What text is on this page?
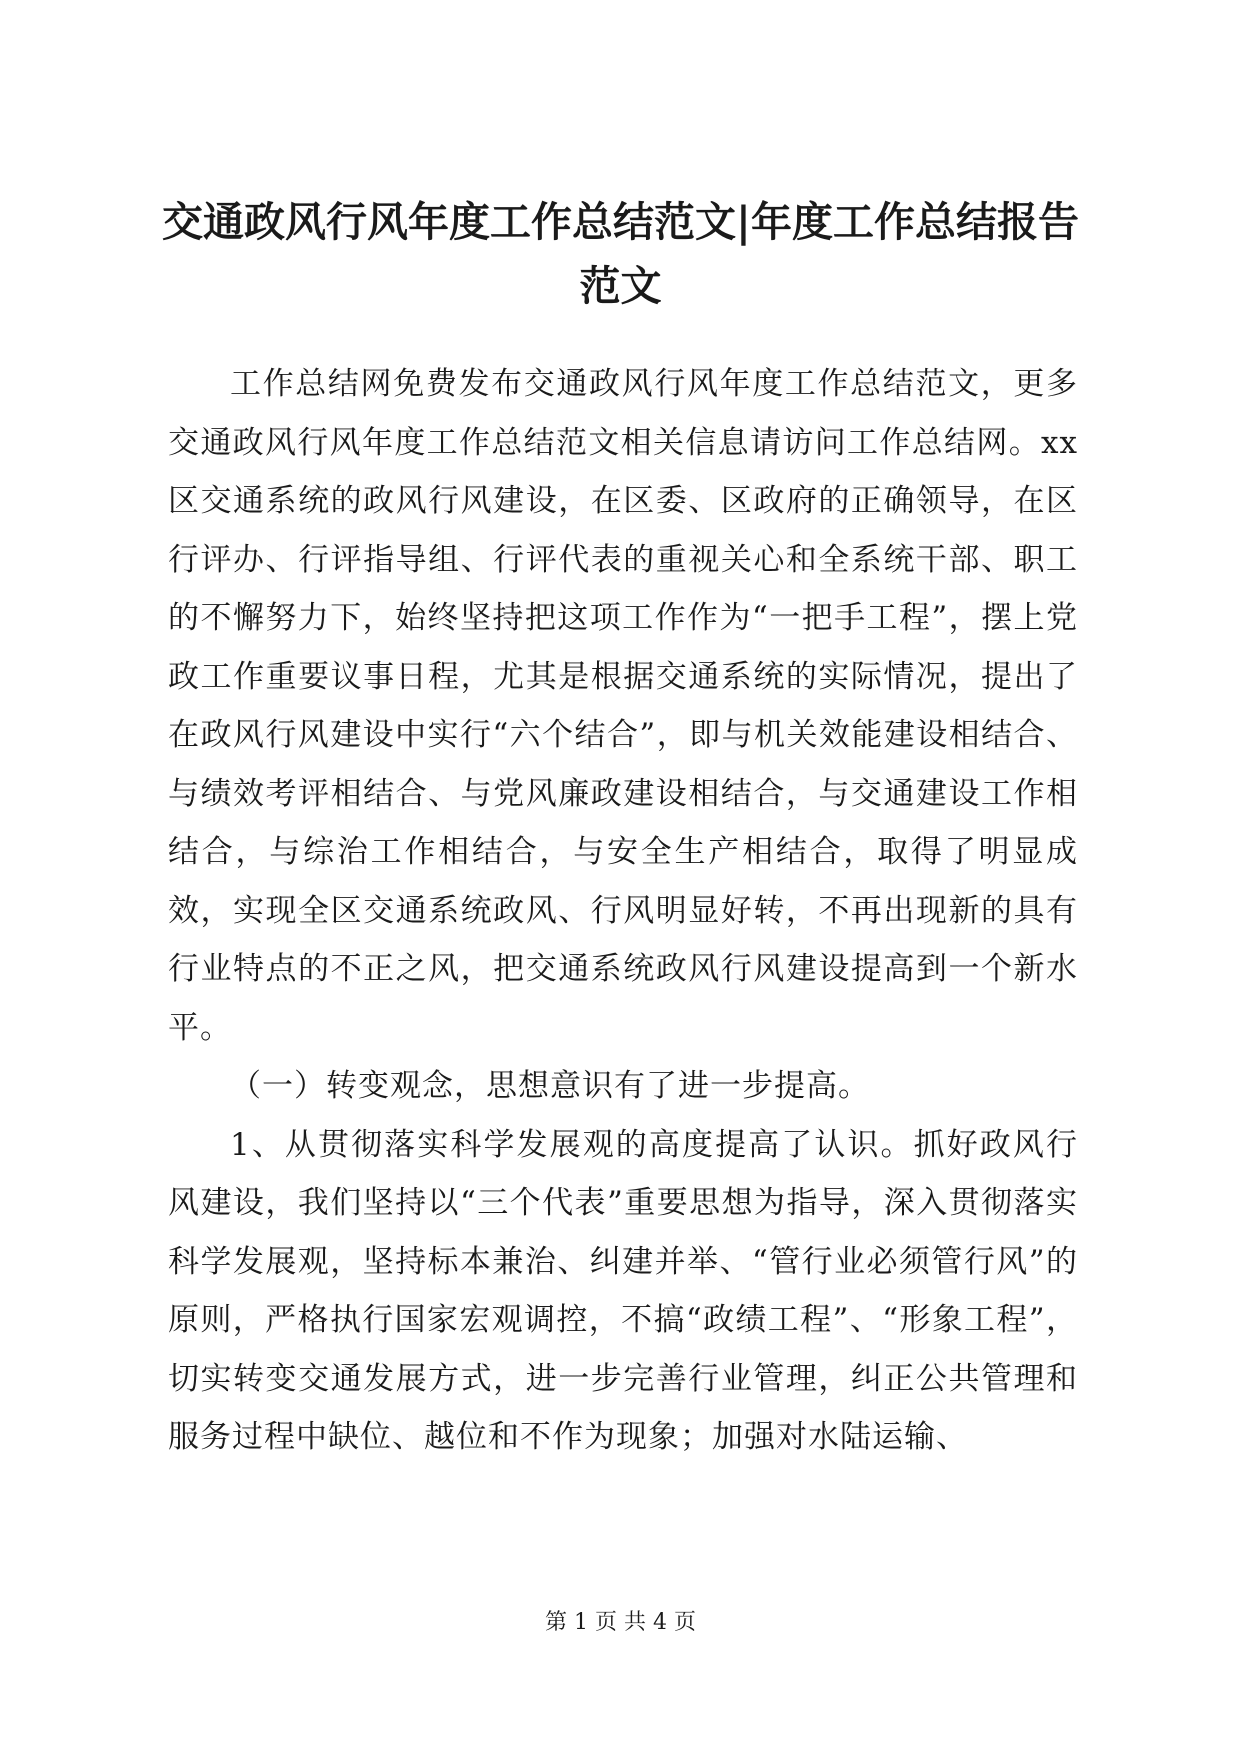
交通政风行风年度工作总结范文|年度工作总结报告范文

工作总结网免费发布交通政风行风年度工作总结范文，更多交通政风行风年度工作总结范文相关信息请访问工作总结网。xx区交通系统的政风行风建设，在区委、区政府的正确领导，在区行评办、行评指导组、行评代表的重视关心和全系统干部、职工的不懈努力下，始终坚持把这项工作作为“一把手工程”，摆上党政工作重要议事日程，尤其是根据交通系统的实际情况，提出了在政风行风建设中实行“六个结合”，即与机关效能建设相结合、与绩效考评相结合、与党风廉政建设相结合，与交通建设工作相结合，与综治工作相结合，与安全生产相结合，取得了明显成效，实现全区交通系统政风、行风明显好转，不再出现新的具有行业特点的不正之风，把交通系统政风行风建设提高到一个新水平。

（一）转变观念，思想意识有了进一步提高。

1、从贯彻落实科学发展观的高度提高了认识。抓好政风行风建设，我们坚持以“三个代表”重要思想为指导，深入贯彻落实科学发展观，坚持标本兼治、纠建并举、“管行业必须管行风”的原则，严格执行国家宏观调控，不搞“政绩工程”、“形象工程”，切实转变交通发展方式，进一步完善行业管理，纠正公共管理和服务过程中缺位、越位和不作为现象；加强对水陆运输、

第 1 页 共 4 页
